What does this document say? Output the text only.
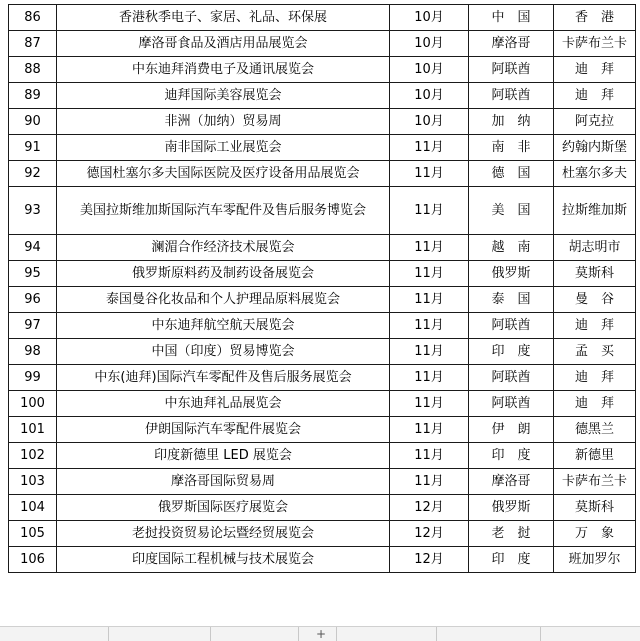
86	香港秋季电子、家居、礼品、环保展	10月	中　国	香　港
87	摩洛哥食品及酒店用品展览会	10月	摩洛哥	卡萨布兰卡
88	中东迪拜消费电子及通讯展览会	10月	阿联酋	迪　拜
89	迪拜国际美容展览会	10月	阿联酋	迪　拜
90	非洲（加纳）贸易周	10月	加　纳	阿克拉
91	南非国际工业展览会	11月	南　非	约翰内斯堡
92	德国杜塞尔多夫国际医院及医疗设备用品展览会	11月	德　国	杜塞尔多夫
93	美国拉斯维加斯国际汽车零配件及售后服务博览会	11月	美　国	拉斯维加斯
94	澜湄合作经济技术展览会	11月	越　南	胡志明市
95	俄罗斯原料药及制药设备展览会	11月	俄罗斯	莫斯科
96	泰国曼谷化妆品和个人护理品原料展览会	11月	泰　国	曼　谷
97	中东迪拜航空航天展览会	11月	阿联酋	迪　拜
98	中国（印度）贸易博览会	11月	印　度	孟　买
99	中东(迪拜)国际汽车零配件及售后服务展览会	11月	阿联酋	迪　拜
100	中东迪拜礼品展览会	11月	阿联酋	迪　拜
101	伊朗国际汽车零配件展览会	11月	伊　朗	德黑兰
102	印度新德里 LED 展览会	11月	印　度	新德里
103	摩洛哥国际贸易周	11月	摩洛哥	卡萨布兰卡
104	俄罗斯国际医疗展览会	12月	俄罗斯	莫斯科
105	老挝投资贸易论坛暨经贸展览会	12月	老　挝	万　象
106	印度国际工程机械与技术展览会	12月	印　度	班加罗尔
+
